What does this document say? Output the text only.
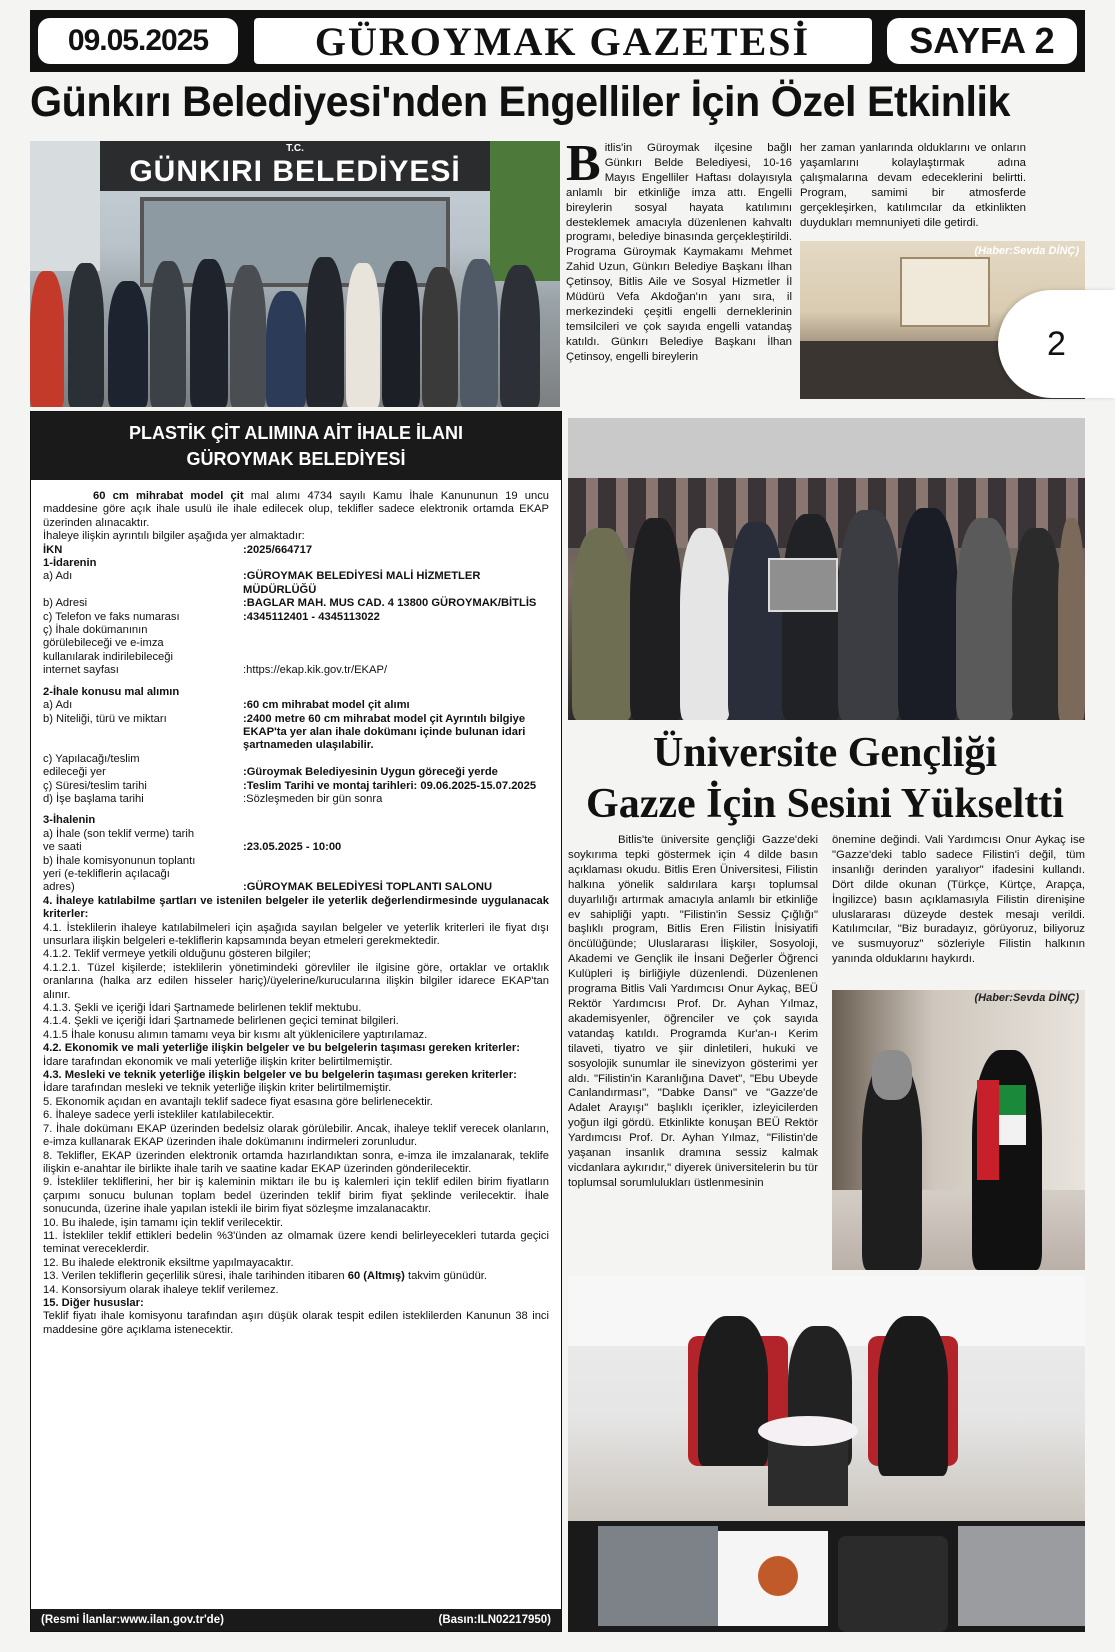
09.05.2025	GÜROYMAK GAZETESİ	SAYFA 2
Günkırı Belediyesi'nden Engelliler İçin Özel Etkinlik
T.C.
GÜNKIRI BELEDİYESİ	Bitlis'in Güroymak ilçesine bağlı Günkırı Belde Belediyesi, 10-16 Mayıs Engelliler Haftası dolayısıyla anlamlı bir etkinliğe imza attı. Engelli bireylerin sosyal hayata katılımını desteklemek amacıyla düzenlenen kahvaltı programı, belediye binasında gerçekleştirildi. Programa Güroymak Kaymakamı Mehmet Zahid Uzun, Günkırı Belediye Başkanı İlhan Çetinsoy, Bitlis Aile ve Sosyal Hizmetler İl Müdürü Vefa Akdoğan'ın yanı sıra, il merkezindeki çeşitli engelli derneklerinin temsilcileri ve çok sayıda engelli vatandaş katıldı. Günkırı Belediye Başkanı İlhan Çetinsoy, engelli bireylerin
her zaman yanlarında olduklarını ve onların yaşamlarını kolaylaştırmak adına çalışmalarına devam edeceklerini belirtti. Program, samimi bir atmosferde gerçekleşirken, katılımcılar da etkinlikten duydukları memnuniyeti dile getirdi.
(Haber:Sevda DİNÇ)
2
PLASTİK ÇİT ALIMINA AİT İHALE İLANI
GÜROYMAK BELEDİYESİ

60 cm mihrabat model çit mal alımı 4734 sayılı Kamu İhale Kanununun 19 uncu maddesine göre açık ihale usulü ile ihale edilecek olup, teklifler sadece elektronik ortamda EKAP üzerinden alınacaktır.

İhaleye ilişkin ayrıntılı bilgiler aşağıda yer almaktadır:

İKN	:2025/664717

1-İdarenin

a) Adı	:GÜROYMAK BELEDİYESİ MALİ HİZMETLER MÜDÜRLÜĞÜ
b) Adresi	:BAGLAR MAH. MUS CAD. 4 13800 GÜROYMAK/BİTLİS
c) Telefon ve faks numarası	:4345112401 - 4345113022
ç) İhale dokümanının görülebileceği ve e-imza kullanılarak indirilebileceği internet sayfası	:https://ekap.kik.gov.tr/EKAP/

2-İhale konusu mal alımın

a) Adı	:60 cm mihrabat model çit alımı
b) Niteliği, türü ve miktarı	:2400 metre 60 cm mihrabat model çit Ayrıntılı bilgiye EKAP'ta yer alan ihale dokümanı içinde bulunan idari şartnameden ulaşılabilir.
c) Yapılacağı/teslim edileceği yer	:Güroymak Belediyesinin Uygun göreceği yerde
ç) Süresi/teslim tarihi	:Teslim Tarihi ve montaj tarihleri: 09.06.2025-15.07.2025
d) İşe başlama tarihi	:Sözleşmeden bir gün sonra

3-İhalenin

a) İhale (son teklif verme) tarih ve saati	:23.05.2025 - 10:00
b) İhale komisyonunun toplantı yeri (e-tekliflerin açılacağı adres)	:GÜROYMAK BELEDİYESİ TOPLANTI SALONU

4. İhaleye katılabilme şartları ve istenilen belgeler ile yeterlik değerlendirmesinde uygulanacak kriterler:

4.1. İsteklilerin ihaleye katılabilmeleri için aşağıda sayılan belgeler ve yeterlik kriterleri ile fiyat dışı unsurlara ilişkin belgeleri e-tekliflerin kapsamında beyan etmeleri gerekmektedir.

4.1.2. Teklif vermeye yetkili olduğunu gösteren bilgiler;

4.1.2.1. Tüzel kişilerde; isteklilerin yönetimindeki görevliler ile ilgisine göre, ortaklar ve ortaklık oranlarına (halka arz edilen hisseler hariç)/üyelerine/kurucularına ilişkin bilgiler idarece EKAP'tan alınır.

4.1.3. Şekli ve içeriği İdari Şartnamede belirlenen teklif mektubu.

4.1.4. Şekli ve içeriği İdari Şartnamede belirlenen geçici teminat bilgileri.

4.1.5 İhale konusu alımın tamamı veya bir kısmı alt yüklenicilere yaptırılamaz.

4.2. Ekonomik ve mali yeterliğe ilişkin belgeler ve bu belgelerin taşıması gereken kriterler:

İdare tarafından ekonomik ve mali yeterliğe ilişkin kriter belirtilmemiştir.

4.3. Mesleki ve teknik yeterliğe ilişkin belgeler ve bu belgelerin taşıması gereken kriterler:

İdare tarafından mesleki ve teknik yeterliğe ilişkin kriter belirtilmemiştir.

5. Ekonomik açıdan en avantajlı teklif sadece fiyat esasına göre belirlenecektir.

6. İhaleye sadece yerli istekliler katılabilecektir.

7. İhale dokümanı EKAP üzerinden bedelsiz olarak görülebilir. Ancak, ihaleye teklif verecek olanların, e-imza kullanarak EKAP üzerinden ihale dokümanını indirmeleri zorunludur.

8. Teklifler, EKAP üzerinden elektronik ortamda hazırlandıktan sonra, e-imza ile imzalanarak, teklife ilişkin e-anahtar ile birlikte ihale tarih ve saatine kadar EKAP üzerinden gönderilecektir.

9. İstekliler tekliflerini, her bir iş kaleminin miktarı ile bu iş kalemleri için teklif edilen birim fiyatların çarpımı sonucu bulunan toplam bedel üzerinden teklif birim fiyat şeklinde verilecektir. İhale sonucunda, üzerine ihale yapılan istekli ile birim fiyat sözleşme imzalanacaktır.

10. Bu ihalede, işin tamamı için teklif verilecektir.

11. İstekliler teklif ettikleri bedelin %3'ünden az olmamak üzere kendi belirleyecekleri tutarda geçici teminat vereceklerdir.

12. Bu ihalede elektronik eksiltme yapılmayacaktır.

13. Verilen tekliflerin geçerlilik süresi, ihale tarihinden itibaren 60 (Altmış) takvim günüdür.

14. Konsorsiyum olarak ihaleye teklif verilemez.

15. Diğer hususlar:

Teklif fiyatı ihale komisyonu tarafından aşırı düşük olarak tespit edilen isteklilerden Kanunun 38 inci maddesine göre açıklama istenecektir.

(Resmi İlanlar:www.ilan.gov.tr'de)	(Basın:ILN02217950)
Üniversite Gençliği
Gazze İçin Sesini Yükseltti
Bitlis'te üniversite gençliği Gazze'deki soykırıma tepki göstermek için 4 dilde basın açıklaması okudu. Bitlis Eren Üniversitesi, Filistin halkına yönelik saldırılara karşı toplumsal duyarlılığı artırmak amacıyla anlamlı bir etkinliğe ev sahipliği yaptı. "Filistin'in Sessiz Çığlığı" başlıklı program, Bitlis Eren Filistin İnisiyatifi öncülüğünde; Uluslararası İlişkiler, Sosyoloji, Akademi ve Gençlik ile İnsani Değerler Öğrenci Kulüpleri iş birliğiyle düzenlendi. Düzenlenen programa Bitlis Vali Yardımcısı Onur Aykaç, BEÜ Rektör Yardımcısı Prof. Dr. Ayhan Yılmaz, akademisyenler, öğrenciler ve çok sayıda vatandaş katıldı. Programda Kur'an-ı Kerim tilaveti, tiyatro ve şiir dinletileri, hukuki ve sosyolojik sunumlar ile sinevizyon gösterimi yer aldı. "Filistin'in Karanlığına Davet", "Ebu Ubeyde Canlandırması", "Dabke Dansı" ve "Gazze'de Adalet Arayışı" başlıklı içerikler, izleyicilerden yoğun ilgi gördü. Etkinlikte konuşan BEÜ Rektör Yardımcısı Prof. Dr. Ayhan Yılmaz, "Filistin'de yaşanan insanlık dramına sessiz kalmak vicdanlara aykırıdır," diyerek üniversitelerin bu tür toplumsal sorumlulukları üstlenmesinin
önemine değindi. Vali Yardımcısı Onur Aykaç ise "Gazze'deki tablo sadece Filistin'i değil, tüm insanlığı derinden yaralıyor" ifadesini kullandı. Dört dilde okunan (Türkçe, Kürtçe, Arapça, İngilizce) basın açıklamasıyla Filistin direnişine uluslararası düzeyde destek mesajı verildi. Katılımcılar, "Biz buradayız, görüyoruz, biliyoruz ve susmuyoruz" sözleriyle Filistin halkının yanında olduklarını haykırdı.
(Haber:Sevda DİNÇ)
